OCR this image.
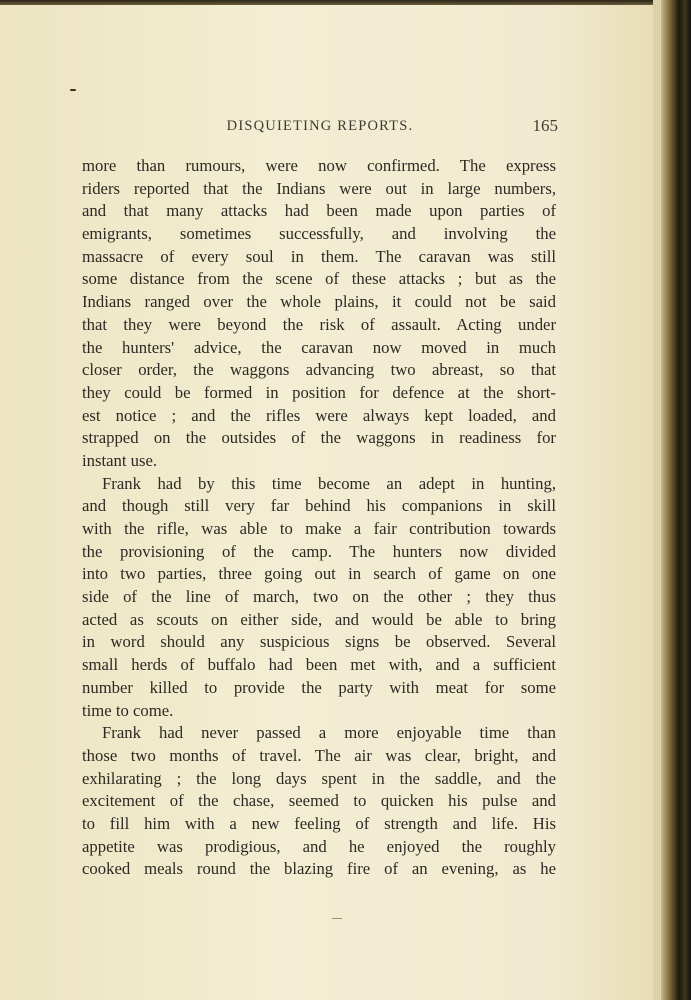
DISQUIETING REPORTS.	165
more than rumours, were now confirmed. The express
riders reported that the Indians were out in large numbers,
and that many attacks had been made upon parties of
emigrants, sometimes successfully, and involving the
massacre of every soul in them. The caravan was still
some distance from the scene of these attacks ; but as the
Indians ranged over the whole plains, it could not be said
that they were beyond the risk of assault. Acting under
the hunters' advice, the caravan now moved in much
closer order, the waggons advancing two abreast, so that
they could be formed in position for defence at the short-
est notice ; and the rifles were always kept loaded, and
strapped on the outsides of the waggons in readiness for
instant use.
Frank had by this time become an adept in hunting,
and though still very far behind his companions in skill
with the rifle, was able to make a fair contribution towards
the provisioning of the camp. The hunters now divided
into two parties, three going out in search of game on one
side of the line of march, two on the other ; they thus
acted as scouts on either side, and would be able to bring
in word should any suspicious signs be observed. Several
small herds of buffalo had been met with, and a sufficient
number killed to provide the party with meat for some
time to come.
Frank had never passed a more enjoyable time than
those two months of travel. The air was clear, bright, and
exhilarating ; the long days spent in the saddle, and the
excitement of the chase, seemed to quicken his pulse and
to fill him with a new feeling of strength and life. His
appetite was prodigious, and he enjoyed the roughly
cooked meals round the blazing fire of an evening, as he
